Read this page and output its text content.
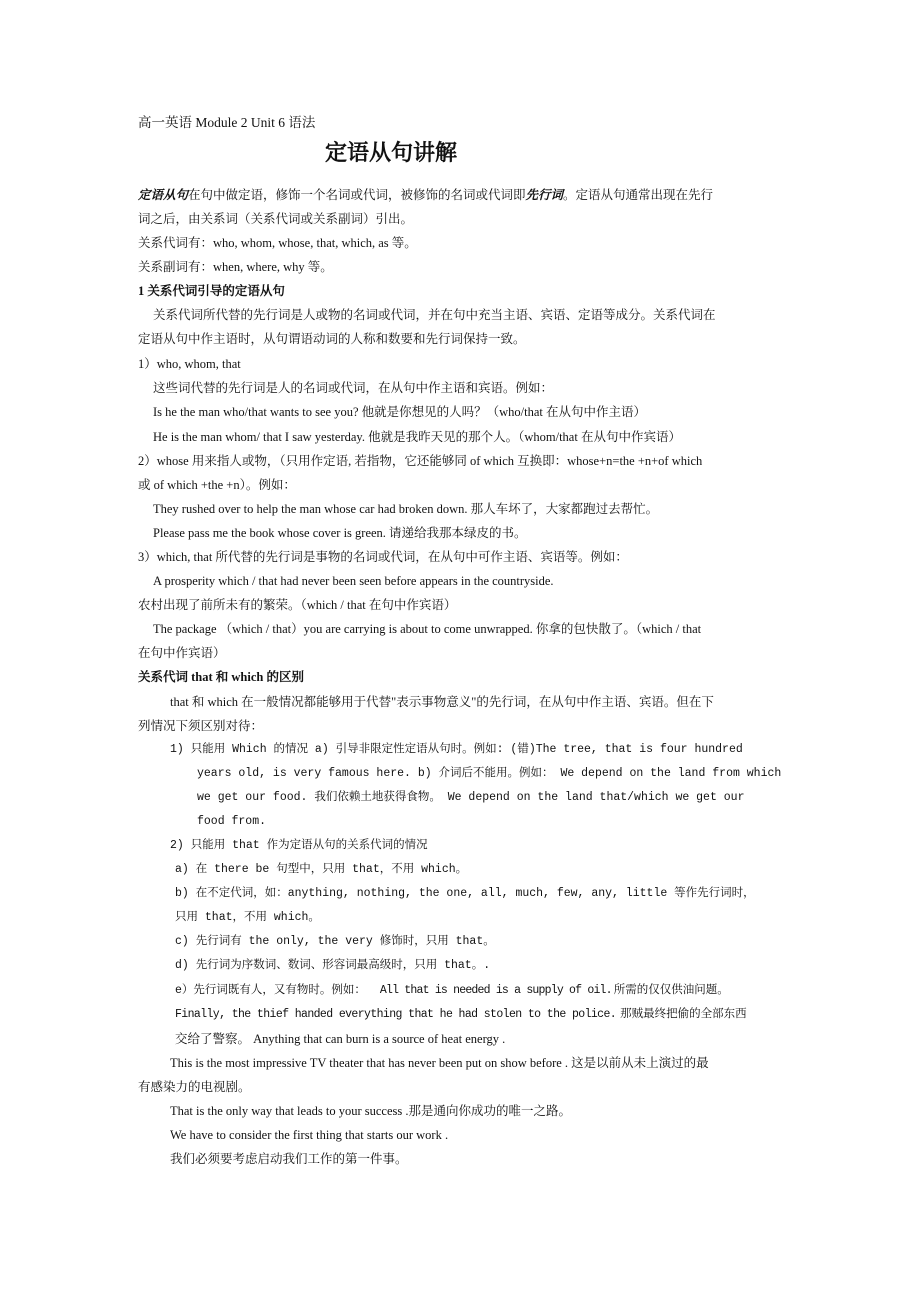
高一英语 Module 2 Unit 6 语法
定语从句讲解
定语从句在句中做定语，修饰一个名词或代词，被修饰的名词或代词即先行词。定语从句通常出现在先行
词之后，由关系词（关系代词或关系副词）引出。
关系代词有：who, whom, whose, that, which, as 等。
关系副词有：when, where, why 等。
1 关系代词引导的定语从句
关系代词所代替的先行词是人或物的名词或代词，并在句中充当主语、宾语、定语等成分。关系代词在
定语从句中作主语时，从句谓语动词的人称和数要和先行词保持一致。
1）who, whom, that
这些词代替的先行词是人的名词或代词，在从句中作主语和宾语。例如：
Is he the man who/that wants to see you? 他就是你想见的人吗？（who/that 在从句中作主语）
He is the man whom/ that I saw yesterday. 他就是我昨天见的那个人。（whom/that 在从句中作宾语）
2）whose 用来指人或物，（只用作定语, 若指物，它还能够同 of which 互换即：whose+n=the +n+of which
或 of which +the +n）。例如：
They rushed over to help the man whose car had broken down. 那人车坏了，大家都跑过去帮忙。
Please pass me the book whose cover is green. 请递给我那本绿皮的书。
3）which, that 所代替的先行词是事物的名词或代词，在从句中可作主语、宾语等。例如：
A prosperity which / that had never been seen before appears in the countryside.
农村出现了前所未有的繁荣。（which / that 在句中作宾语）
The package （which / that）you are carrying is about to come unwrapped. 你拿的包快散了。（which / that
在句中作宾语）
关系代词 that 和 which 的区别
that 和 which 在一般情况都能够用于代替"表示事物意义"的先行词，在从句中作主语、宾语。但在下
列情况下须区别对待：
1) 只能用 Which 的情况 a) 引导非限定性定语从句时。例如: (错)The tree, that is four hundred
years old, is very famous here. b) 介词后不能用。例如： We depend on the land from which
we get our food. 我们依赖土地获得食物。 We depend on the land that/which we get our
food from.
2) 只能用 that 作为定语从句的关系代词的情况
a) 在 there be 句型中，只用 that，不用 which。
b) 在不定代词，如：anything, nothing, the one, all, much, few, any, little 等作先行词时，
只用 that，不用 which。
c) 先行词有 the only, the very 修饰时，只用 that。
d) 先行词为序数词、数词、形容词最高级时，只用 that。.
e）先行词既有人，又有物时。例如： All that is needed is a supply of oil. 所需的仅仅供油问题。
Finally, the thief handed everything that he had stolen to the police. 那贼最终把偷的全部东西
交给了警察。 Anything that can burn is a source of heat energy .
This is the most impressive TV theater that has never been put on show before . 这是以前从未上演过的最
有感染力的电视剧。
That is the only way that leads to your success .那是通向你成功的唯一之路。
We have to consider the first thing that starts our work .
我们必须要考虑启动我们工作的第一件事。
